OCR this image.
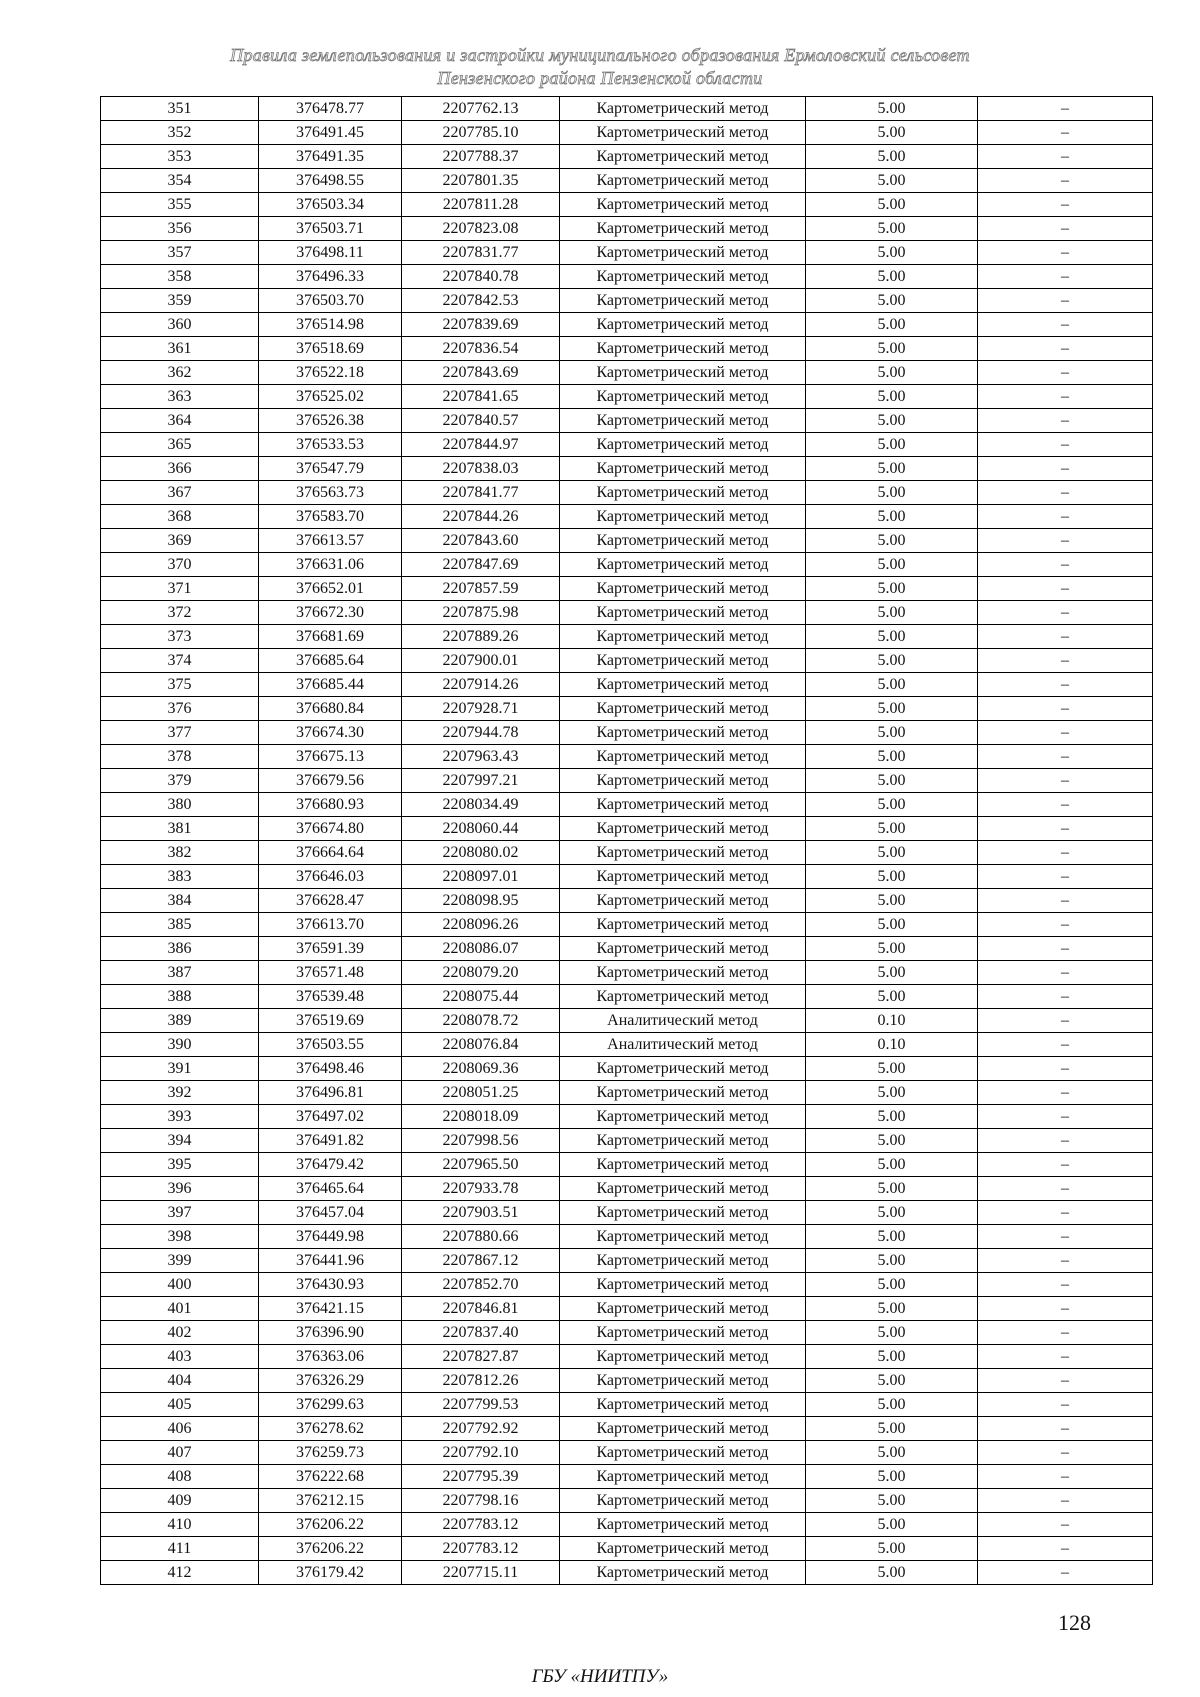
Правила землепользования и застройки муниципального образования Ермоловский сельсовет
Пензенского района Пензенской области
351	376478.77	2207762.13	Картометрический метод	5.00	–
352	376491.45	2207785.10	Картометрический метод	5.00	–
353	376491.35	2207788.37	Картометрический метод	5.00	–
354	376498.55	2207801.35	Картометрический метод	5.00	–
355	376503.34	2207811.28	Картометрический метод	5.00	–
356	376503.71	2207823.08	Картометрический метод	5.00	–
357	376498.11	2207831.77	Картометрический метод	5.00	–
358	376496.33	2207840.78	Картометрический метод	5.00	–
359	376503.70	2207842.53	Картометрический метод	5.00	–
360	376514.98	2207839.69	Картометрический метод	5.00	–
361	376518.69	2207836.54	Картометрический метод	5.00	–
362	376522.18	2207843.69	Картометрический метод	5.00	–
363	376525.02	2207841.65	Картометрический метод	5.00	–
364	376526.38	2207840.57	Картометрический метод	5.00	–
365	376533.53	2207844.97	Картометрический метод	5.00	–
366	376547.79	2207838.03	Картометрический метод	5.00	–
367	376563.73	2207841.77	Картометрический метод	5.00	–
368	376583.70	2207844.26	Картометрический метод	5.00	–
369	376613.57	2207843.60	Картометрический метод	5.00	–
370	376631.06	2207847.69	Картометрический метод	5.00	–
371	376652.01	2207857.59	Картометрический метод	5.00	–
372	376672.30	2207875.98	Картометрический метод	5.00	–
373	376681.69	2207889.26	Картометрический метод	5.00	–
374	376685.64	2207900.01	Картометрический метод	5.00	–
375	376685.44	2207914.26	Картометрический метод	5.00	–
376	376680.84	2207928.71	Картометрический метод	5.00	–
377	376674.30	2207944.78	Картометрический метод	5.00	–
378	376675.13	2207963.43	Картометрический метод	5.00	–
379	376679.56	2207997.21	Картометрический метод	5.00	–
380	376680.93	2208034.49	Картометрический метод	5.00	–
381	376674.80	2208060.44	Картометрический метод	5.00	–
382	376664.64	2208080.02	Картометрический метод	5.00	–
383	376646.03	2208097.01	Картометрический метод	5.00	–
384	376628.47	2208098.95	Картометрический метод	5.00	–
385	376613.70	2208096.26	Картометрический метод	5.00	–
386	376591.39	2208086.07	Картометрический метод	5.00	–
387	376571.48	2208079.20	Картометрический метод	5.00	–
388	376539.48	2208075.44	Картометрический метод	5.00	–
389	376519.69	2208078.72	Аналитический метод	0.10	–
390	376503.55	2208076.84	Аналитический метод	0.10	–
391	376498.46	2208069.36	Картометрический метод	5.00	–
392	376496.81	2208051.25	Картометрический метод	5.00	–
393	376497.02	2208018.09	Картометрический метод	5.00	–
394	376491.82	2207998.56	Картометрический метод	5.00	–
395	376479.42	2207965.50	Картометрический метод	5.00	–
396	376465.64	2207933.78	Картометрический метод	5.00	–
397	376457.04	2207903.51	Картометрический метод	5.00	–
398	376449.98	2207880.66	Картометрический метод	5.00	–
399	376441.96	2207867.12	Картометрический метод	5.00	–
400	376430.93	2207852.70	Картометрический метод	5.00	–
401	376421.15	2207846.81	Картометрический метод	5.00	–
402	376396.90	2207837.40	Картометрический метод	5.00	–
403	376363.06	2207827.87	Картометрический метод	5.00	–
404	376326.29	2207812.26	Картометрический метод	5.00	–
405	376299.63	2207799.53	Картометрический метод	5.00	–
406	376278.62	2207792.92	Картометрический метод	5.00	–
407	376259.73	2207792.10	Картометрический метод	5.00	–
408	376222.68	2207795.39	Картометрический метод	5.00	–
409	376212.15	2207798.16	Картометрический метод	5.00	–
410	376206.22	2207783.12	Картометрический метод	5.00	–
411	376206.22	2207783.12	Картометрический метод	5.00	–
412	376179.42	2207715.11	Картометрический метод	5.00	–
128
ГБУ «НИИТПУ»
